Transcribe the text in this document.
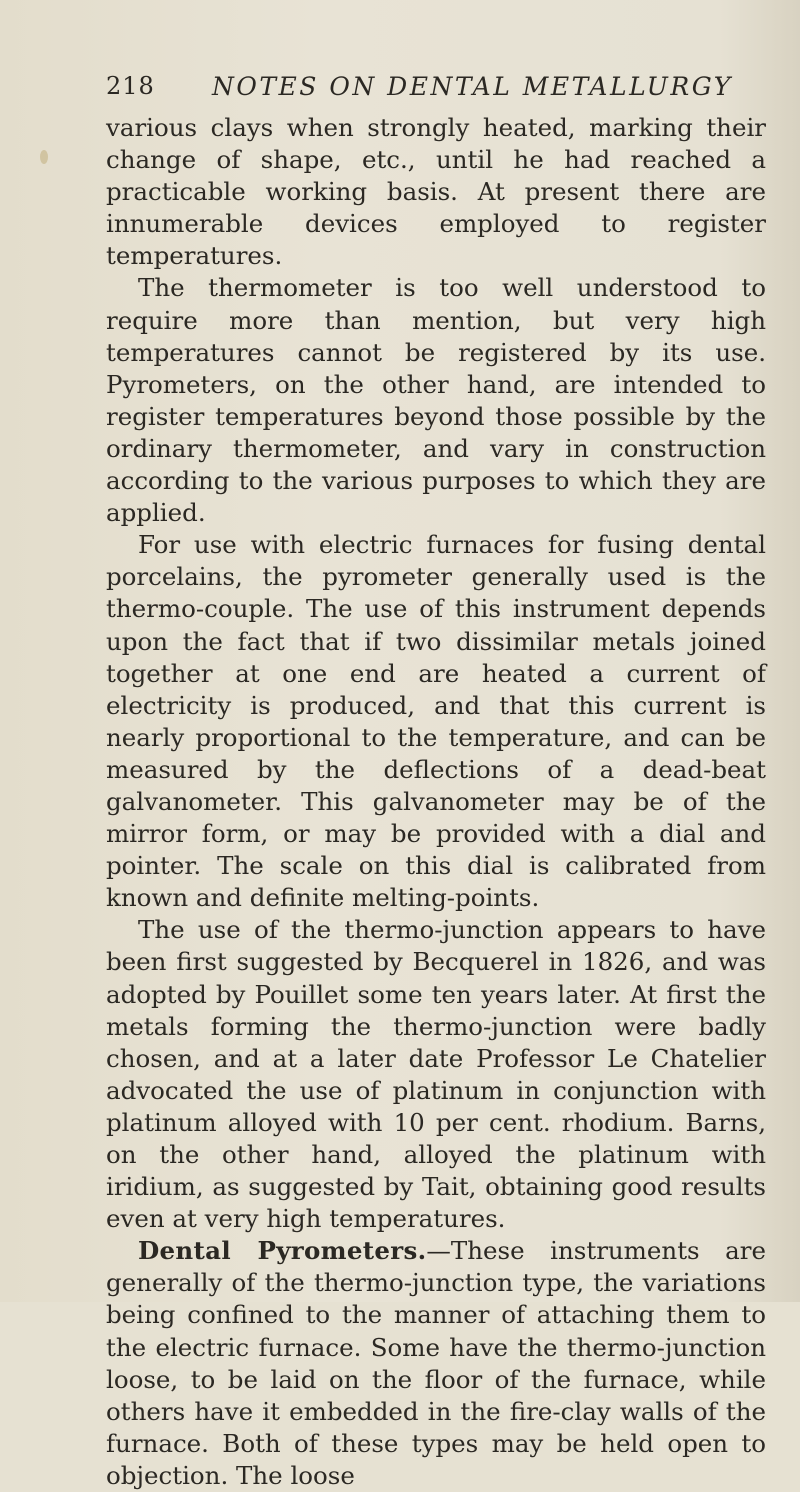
218 NOTES ON DENTAL METALLURGY

various clays when strongly heated, marking their change of shape, etc., until he had reached a practicable working basis. At present there are innumerable devices employed to register temperatures.

The thermometer is too well understood to require more than mention, but very high temperatures cannot be registered by its use. Pyrometers, on the other hand, are intended to register temperatures beyond those possible by the ordinary thermometer, and vary in construction according to the various purposes to which they are applied.

For use with electric furnaces for fusing dental porcelains, the pyrometer generally used is the thermo-couple. The use of this instrument depends upon the fact that if two dissimilar metals joined together at one end are heated a current of electricity is produced, and that this current is nearly proportional to the temperature, and can be measured by the deflections of a dead-beat galvanometer. This galvanometer may be of the mirror form, or may be provided with a dial and pointer. The scale on this dial is calibrated from known and definite melting-points.

The use of the thermo-junction appears to have been first suggested by Becquerel in 1826, and was adopted by Pouillet some ten years later. At first the metals forming the thermo-junction were badly chosen, and at a later date Professor Le Chatelier advocated the use of platinum in conjunction with platinum alloyed with 10 per cent. rhodium. Barns, on the other hand, alloyed the platinum with iridium, as suggested by Tait, obtaining good results even at very high temperatures.

Dental Pyrometers.—These instruments are generally of the thermo-junction type, the variations being confined to the manner of attaching them to the electric furnace. Some have the thermo-junction loose, to be laid on the floor of the furnace, while others have it embedded in the fire-clay walls of the furnace. Both of these types may be held open to objection. The loose
